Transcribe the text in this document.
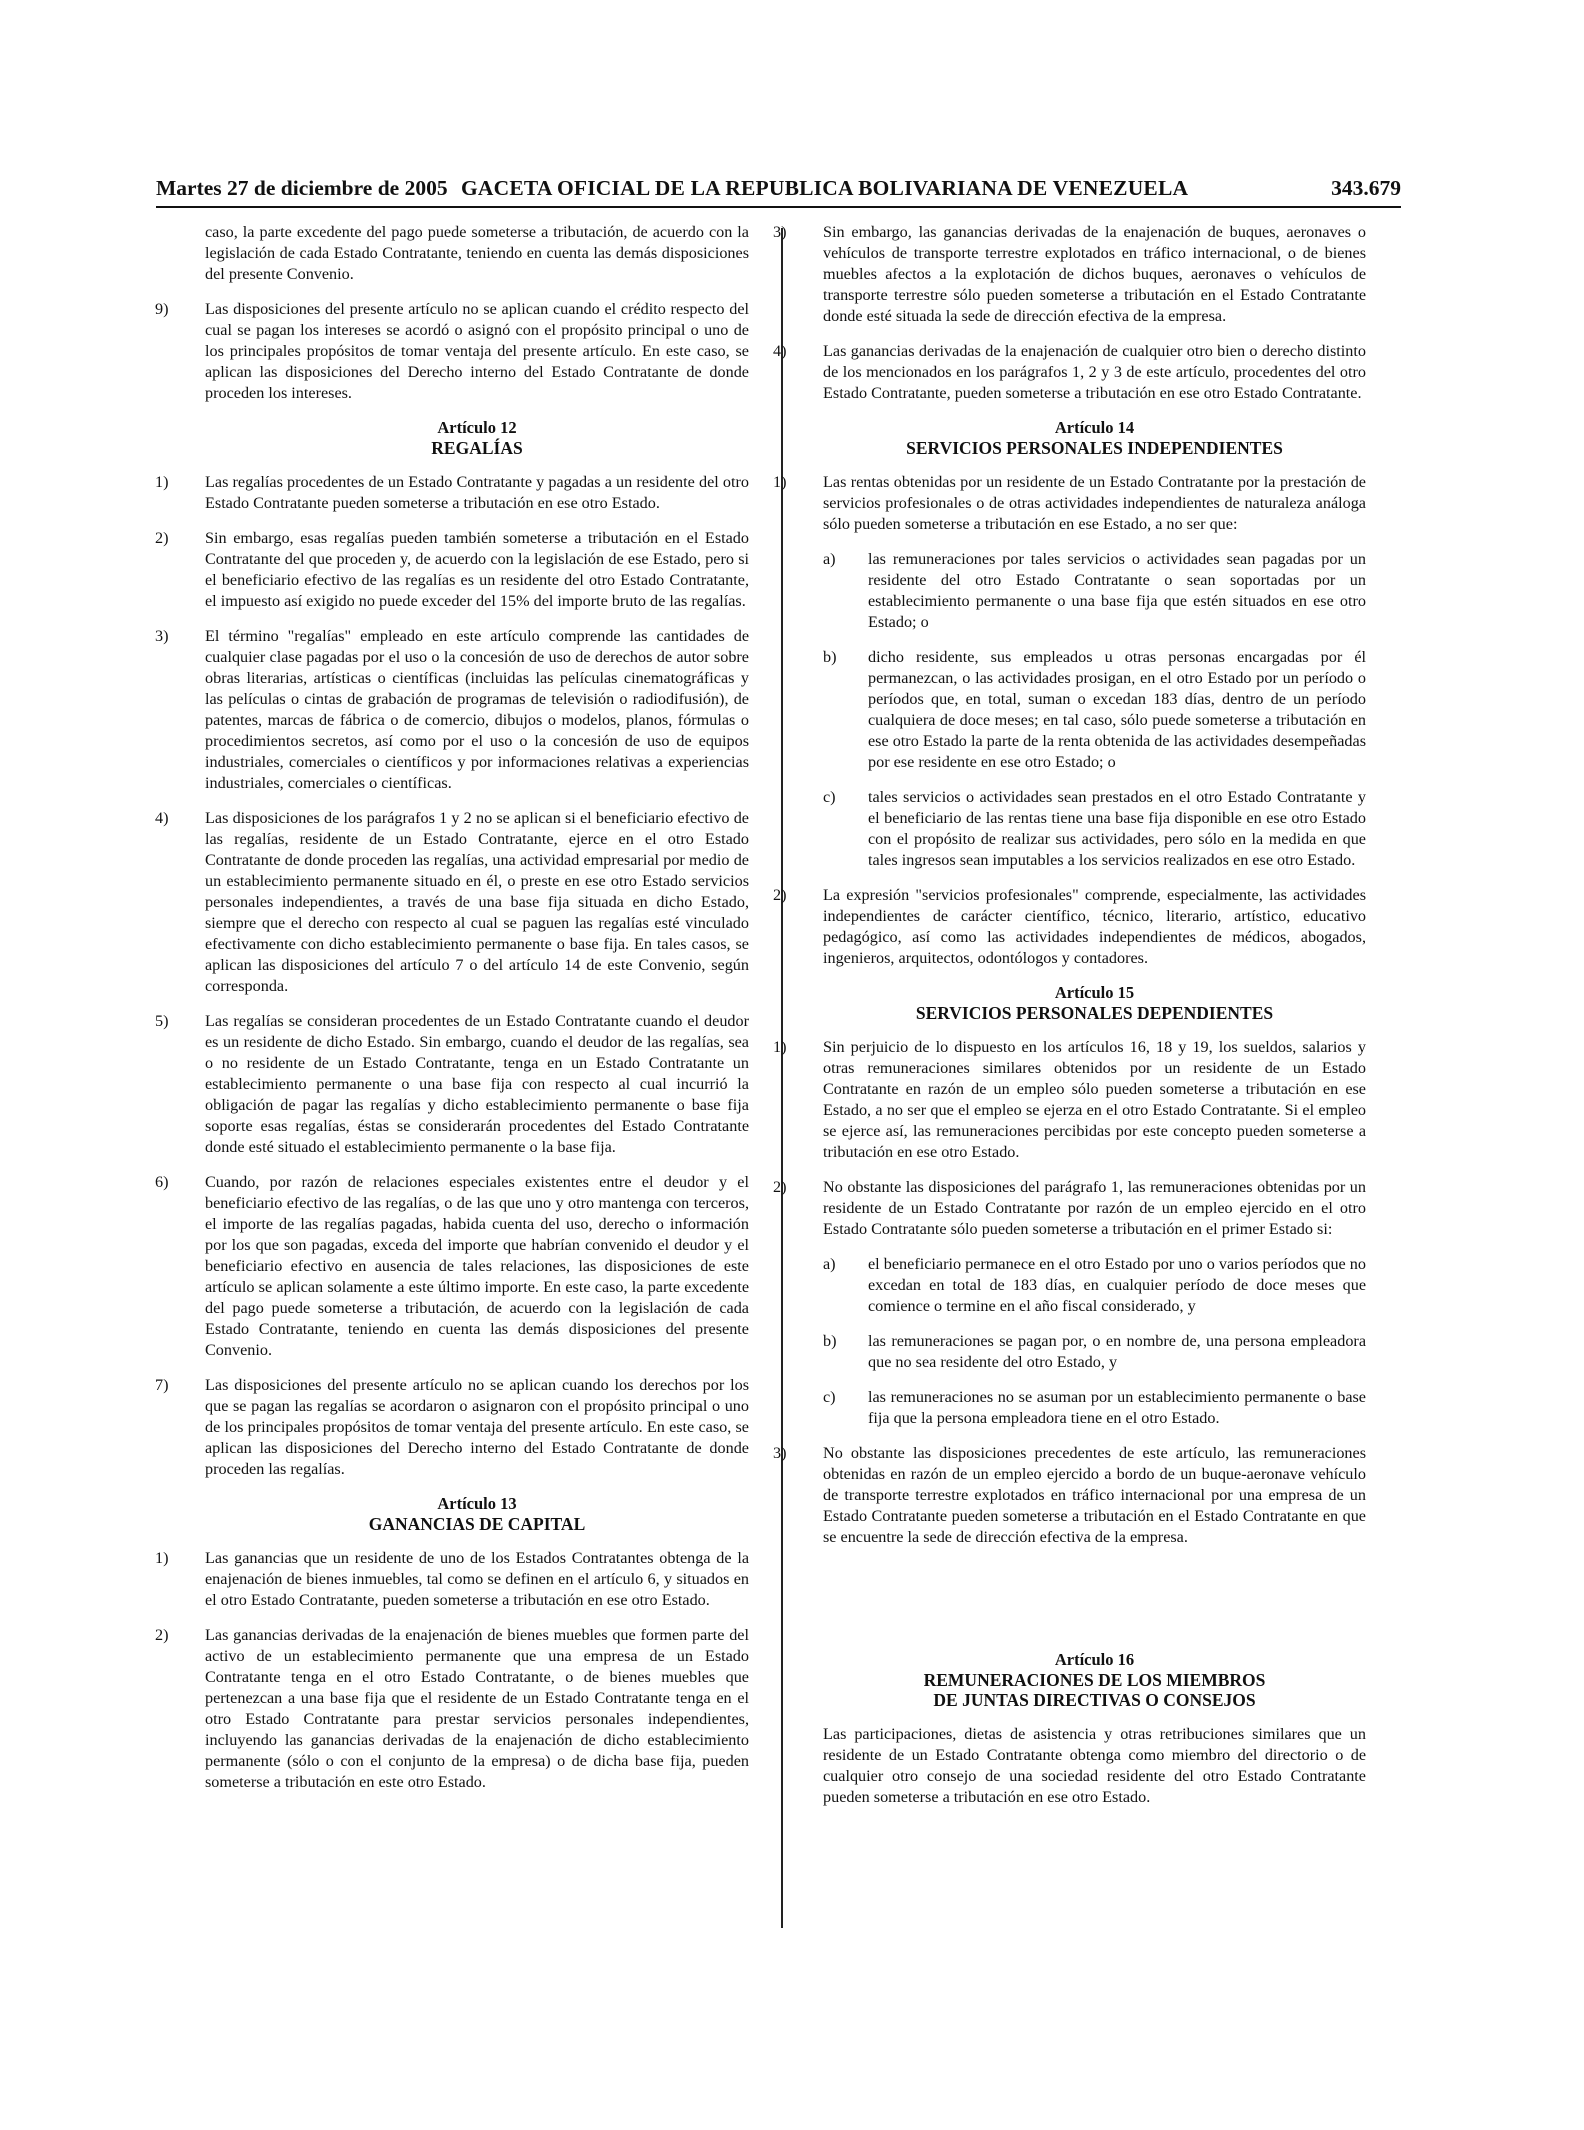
Martes 27 de diciembre de 2005 GACETA OFICIAL DE LA REPUBLICA BOLIVARIANA DE VENEZUELA	343.679
caso, la parte excedente del pago puede someterse a tributación, de acuerdo con la legislación de cada Estado Contratante, teniendo en cuenta las demás disposiciones del presente Convenio.
9) Las disposiciones del presente artículo no se aplican cuando el crédito respecto del cual se pagan los intereses se acordó o asignó con el propósito principal o uno de los principales propósitos de tomar ventaja del presente artículo. En este caso, se aplican las disposiciones del Derecho interno del Estado Contratante de donde proceden los intereses.
Artículo 12
REGALÍAS
1) Las regalías procedentes de un Estado Contratante y pagadas a un residente del otro Estado Contratante pueden someterse a tributación en ese otro Estado.
2) Sin embargo, esas regalías pueden también someterse a tributación en el Estado Contratante del que proceden y, de acuerdo con la legislación de ese Estado, pero si el beneficiario efectivo de las regalías es un residente del otro Estado Contratante, el impuesto así exigido no puede exceder del 15% del importe bruto de las regalías.
3) El término "regalías" empleado en este artículo comprende las cantidades de cualquier clase pagadas por el uso o la concesión de uso de derechos de autor sobre obras literarias, artísticas o científicas (incluidas las películas cinematográficas y las películas o cintas de grabación de programas de televisión o radiodifusión), de patentes, marcas de fábrica o de comercio, dibujos o modelos, planos, fórmulas o procedimientos secretos, así como por el uso o la concesión de uso de equipos industriales, comerciales o científicos y por informaciones relativas a experiencias industriales, comerciales o científicas.
4) Las disposiciones de los parágrafos 1 y 2 no se aplican si el beneficiario efectivo de las regalías, residente de un Estado Contratante, ejerce en el otro Estado Contratante de donde proceden las regalías, una actividad empresarial por medio de un establecimiento permanente situado en él, o preste en ese otro Estado servicios personales independientes, a través de una base fija situada en dicho Estado, siempre que el derecho con respecto al cual se paguen las regalías esté vinculado efectivamente con dicho establecimiento permanente o base fija. En tales casos, se aplican las disposiciones del artículo 7 o del artículo 14 de este Convenio, según corresponda.
5) Las regalías se consideran procedentes de un Estado Contratante cuando el deudor es un residente de dicho Estado. Sin embargo, cuando el deudor de las regalías, sea o no residente de un Estado Contratante, tenga en un Estado Contratante un establecimiento permanente o una base fija con respecto al cual incurrió la obligación de pagar las regalías y dicho establecimiento permanente o base fija soporte esas regalías, éstas se considerarán procedentes del Estado Contratante donde esté situado el establecimiento permanente o la base fija.
6) Cuando, por razón de relaciones especiales existentes entre el deudor y el beneficiario efectivo de las regalías, o de las que uno y otro mantenga con terceros, el importe de las regalías pagadas, habida cuenta del uso, derecho o información por los que son pagadas, exceda del importe que habrían convenido el deudor y el beneficiario efectivo en ausencia de tales relaciones, las disposiciones de este artículo se aplican solamente a este último importe. En este caso, la parte excedente del pago puede someterse a tributación, de acuerdo con la legislación de cada Estado Contratante, teniendo en cuenta las demás disposiciones del presente Convenio.
7) Las disposiciones del presente artículo no se aplican cuando los derechos por los que se pagan las regalías se acordaron o asignaron con el propósito principal o uno de los principales propósitos de tomar ventaja del presente artículo. En este caso, se aplican las disposiciones del Derecho interno del Estado Contratante de donde proceden las regalías.
Artículo 13
GANANCIAS DE CAPITAL
1) Las ganancias que un residente de uno de los Estados Contratantes obtenga de la enajenación de bienes inmuebles, tal como se definen en el artículo 6, y situados en el otro Estado Contratante, pueden someterse a tributación en ese otro Estado.
2) Las ganancias derivadas de la enajenación de bienes muebles que formen parte del activo de un establecimiento permanente que una empresa de un Estado Contratante tenga en el otro Estado Contratante, o de bienes muebles que pertenezcan a una base fija que el residente de un Estado Contratante tenga en el otro Estado Contratante para prestar servicios personales independientes, incluyendo las ganancias derivadas de la enajenación de dicho establecimiento permanente (sólo o con el conjunto de la empresa) o de dicha base fija, pueden someterse a tributación en este otro Estado.
3) Sin embargo, las ganancias derivadas de la enajenación de buques, aeronaves o vehículos de transporte terrestre explotados en tráfico internacional, o de bienes muebles afectos a la explotación de dichos buques, aeronaves o vehículos de transporte terrestre sólo pueden someterse a tributación en el Estado Contratante donde esté situada la sede de dirección efectiva de la empresa.
4) Las ganancias derivadas de la enajenación de cualquier otro bien o derecho distinto de los mencionados en los parágrafos 1, 2 y 3 de este artículo, procedentes del otro Estado Contratante, pueden someterse a tributación en ese otro Estado Contratante.
Artículo 14
SERVICIOS PERSONALES INDEPENDIENTES
1) Las rentas obtenidas por un residente de un Estado Contratante por la prestación de servicios profesionales o de otras actividades independientes de naturaleza análoga sólo pueden someterse a tributación en ese Estado, a no ser que:
a) las remuneraciones por tales servicios o actividades sean pagadas por un residente del otro Estado Contratante o sean soportadas por un establecimiento permanente o una base fija que estén situados en ese otro Estado; o
b) dicho residente, sus empleados u otras personas encargadas por él permanezcan, o las actividades prosigan, en el otro Estado por un período o períodos que, en total, suman o excedan 183 días, dentro de un período cualquiera de doce meses; en tal caso, sólo puede someterse a tributación en ese otro Estado la parte de la renta obtenida de las actividades desempeñadas por ese residente en ese otro Estado; o
c) tales servicios o actividades sean prestados en el otro Estado Contratante y el beneficiario de las rentas tiene una base fija disponible en ese otro Estado con el propósito de realizar sus actividades, pero sólo en la medida en que tales ingresos sean imputables a los servicios realizados en ese otro Estado.
2) La expresión "servicios profesionales" comprende, especialmente, las actividades independientes de carácter científico, técnico, literario, artístico, educativo pedagógico, así como las actividades independientes de médicos, abogados, ingenieros, arquitectos, odontólogos y contadores.
Artículo 15
SERVICIOS PERSONALES DEPENDIENTES
1) Sin perjuicio de lo dispuesto en los artículos 16, 18 y 19, los sueldos, salarios y otras remuneraciones similares obtenidos por un residente de un Estado Contratante en razón de un empleo sólo pueden someterse a tributación en ese Estado, a no ser que el empleo se ejerza en el otro Estado Contratante. Si el empleo se ejerce así, las remuneraciones percibidas por este concepto pueden someterse a tributación en ese otro Estado.
2) No obstante las disposiciones del parágrafo 1, las remuneraciones obtenidas por un residente de un Estado Contratante por razón de un empleo ejercido en el otro Estado Contratante sólo pueden someterse a tributación en el primer Estado si:
a) el beneficiario permanece en el otro Estado por uno o varios períodos que no excedan en total de 183 días, en cualquier período de doce meses que comience o termine en el año fiscal considerado, y
b) las remuneraciones se pagan por, o en nombre de, una persona empleadora que no sea residente del otro Estado, y
c) las remuneraciones no se asuman por un establecimiento permanente o base fija que la persona empleadora tiene en el otro Estado.
3) No obstante las disposiciones precedentes de este artículo, las remuneraciones obtenidas en razón de un empleo ejercido a bordo de un buque-aeronave vehículo de transporte terrestre explotados en tráfico internacional por una empresa de un Estado Contratante pueden someterse a tributación en el Estado Contratante en que se encuentre la sede de dirección efectiva de la empresa.
Artículo 16
REMUNERACIONES DE LOS MIEMBROS
DE JUNTAS DIRECTIVAS O CONSEJOS
Las participaciones, dietas de asistencia y otras retribuciones similares que un residente de un Estado Contratante obtenga como miembro del directorio o de cualquier otro consejo de una sociedad residente del otro Estado Contratante pueden someterse a tributación en ese otro Estado.
